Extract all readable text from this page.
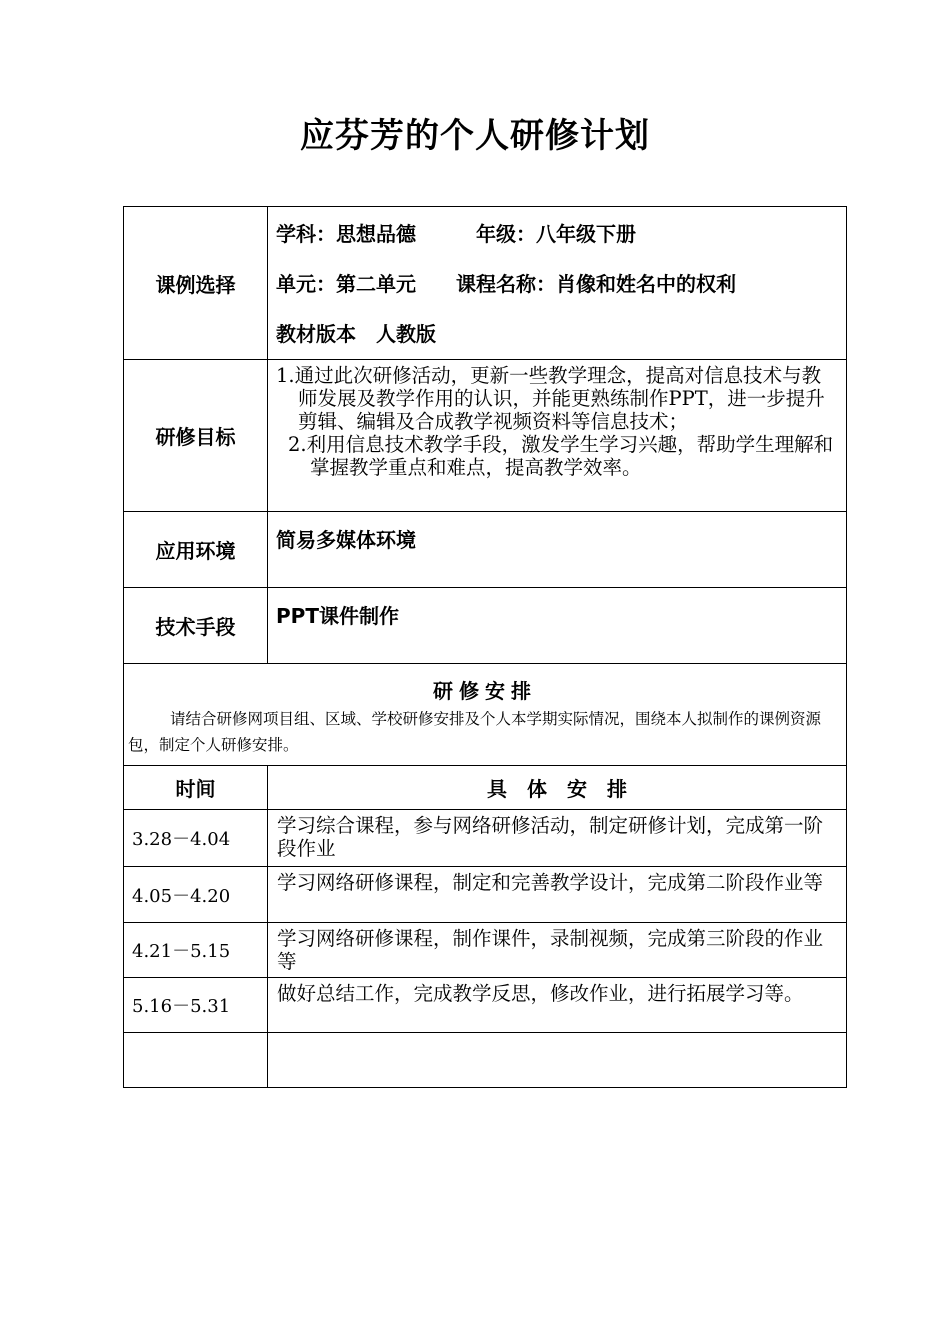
应芬芳的个人研修计划
课例选择	学科：思想品德　　　年级：八年级下册
单元：第二单元　　课程名称：肖像和姓名中的权利
教材版本　人教版

研修目标	1.通过此次研修活动，更新一些教学理念，提高对信息技术与教师发展及教学作用的认识，并能更熟练制作PPT，进一步提升剪辑、编辑及合成教学视频资料等信息技术；

2.利用信息技术教学手段，激发学生学习兴趣，帮助学生理解和掌握教学重点和难点，提高教学效率。

应用环境	简易多媒体环境
技术手段	PPT课件制作

研修安排
请结合研修网项目组、区域、学校研修安排及个人本学期实际情况，围绕本人拟制作的课例资源包，制定个人研修安排。	

时间	具　体　安　排
3.28－4.04	学习综合课程，参与网络研修活动，制定研修计划，完成第一阶段作业
4.05－4.20	学习网络研修课程，制定和完善教学设计，完成第二阶段作业等
4.21－5.15	学习网络研修课程，制作课件，录制视频，完成第三阶段的作业等
5.16－5.31	做好总结工作，完成教学反思，修改作业，进行拓展学习等。
